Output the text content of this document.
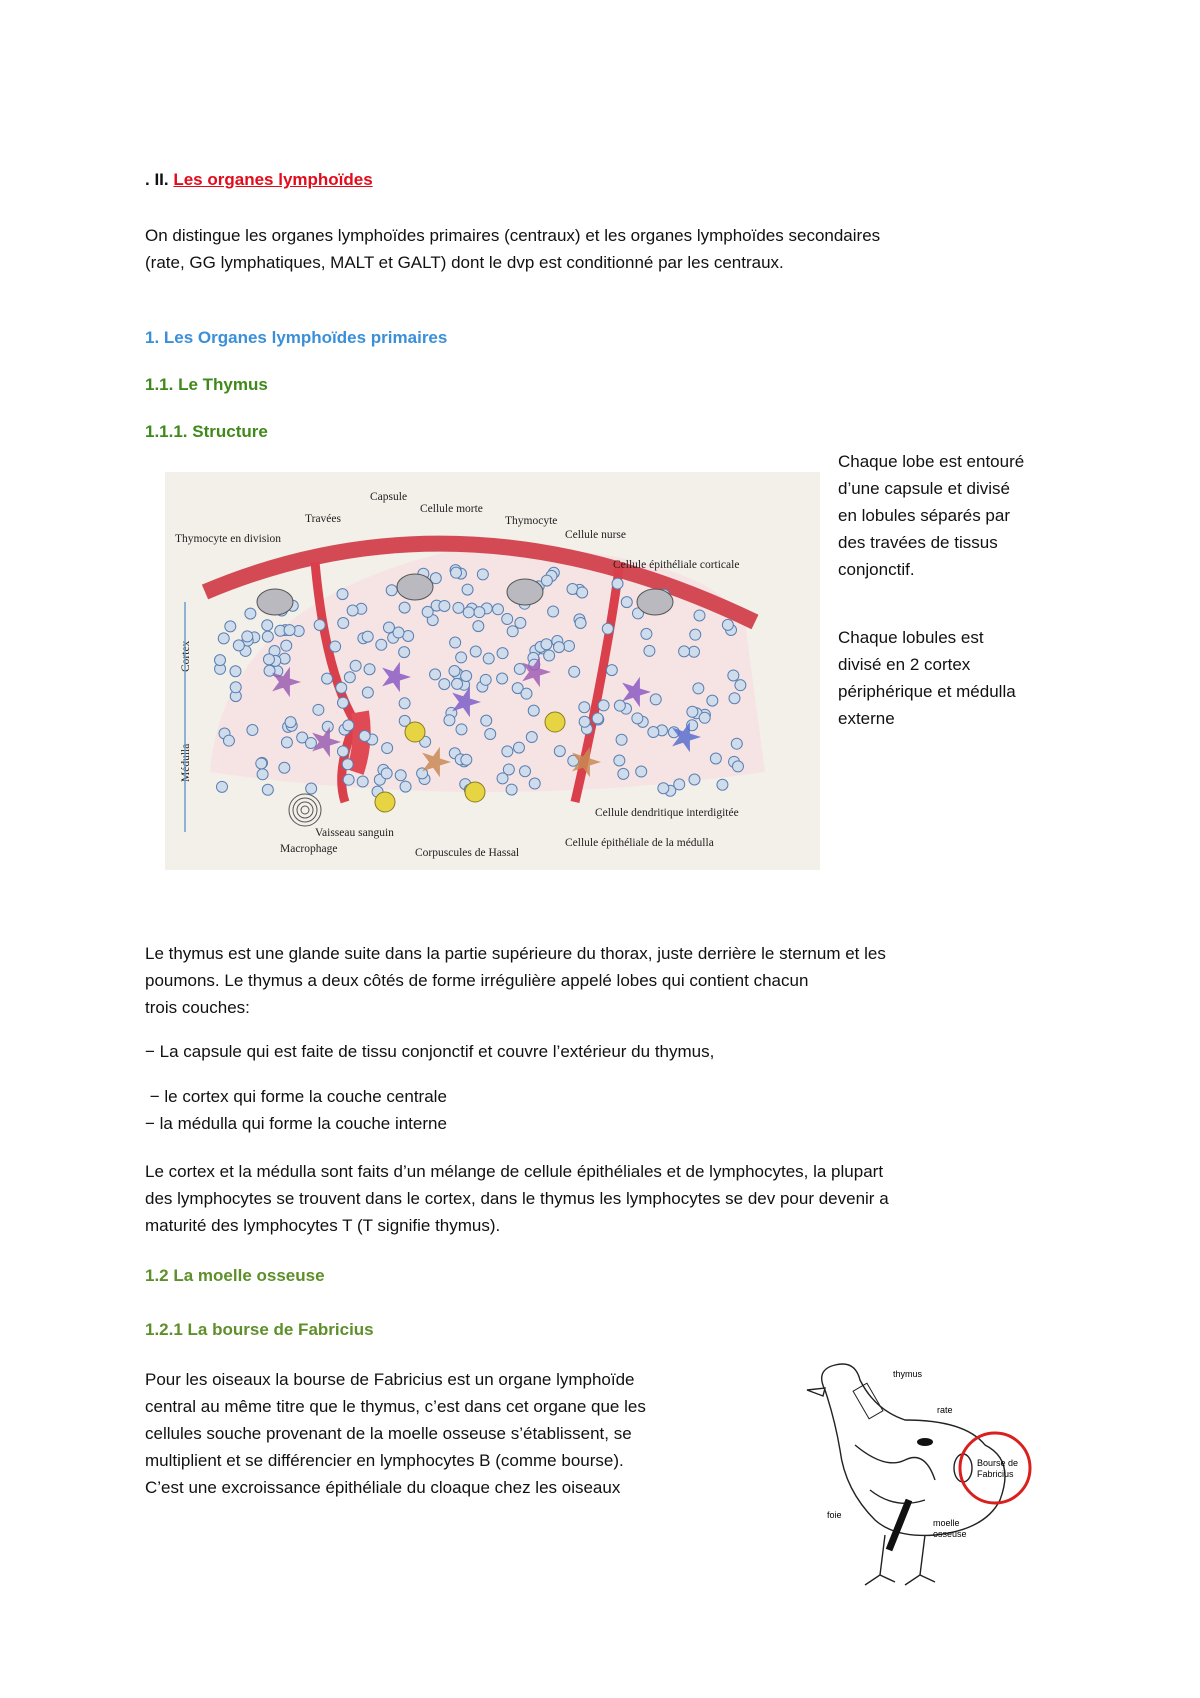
. II. Les organes lymphoïdes

On distingue les organes lymphoïdes primaires (centraux) et les organes lymphoïdes secondaires

(rate, GG lymphatiques, MALT et GALT) dont le dvp est conditionné par les centraux.

1. Les Organes lymphoïdes primaires

1.1. Le Thymus

1.1.1. Structure

Capsule
Cellule morte
Travées	Thymocyte
Thymocyte en division	Cellule nurse
Cellule épithéliale corticale
Cortex
Médulla
Cellule dendritique interdigitée
Vaisseau sanguin
Macrophage	Corpuscules de Hassal
Cellule épithéliale de la médulla

Chaque lobe est entouré

d’une capsule et divisé

en lobules séparés par

des travées de tissus

conjonctif.

Chaque lobules est

divisé en 2 cortex

périphérique et médulla

externe

Le thymus est une glande suite dans la partie supérieure du thorax, juste derrière le sternum et les

poumons. Le thymus a deux côtés de forme irrégulière appelé lobes qui contient chacun

trois couches:

− La capsule qui est faite de tissu conjonctif et couvre l’extérieur du thymus,

− le cortex qui forme la couche centrale

− la médulla qui forme la couche interne

Le cortex et la médulla sont faits d’un mélange de cellule épithéliales et de lymphocytes, la plupart

des lymphocytes se trouvent dans le cortex, dans le thymus les lymphocytes se dev pour devenir a

maturité des lymphocytes T (T signifie thymus).

1.2 La moelle osseuse

1.2.1 La bourse de Fabricius

Pour les oiseaux la bourse de Fabricius est un organe lymphoïde

central au même titre que le thymus, c’est dans cet organe que les

cellules souche provenant de la moelle osseuse s’établissent, se

multiplient et se différencier en lymphocytes B (comme bourse).

C’est une excroissance épithéliale du cloaque chez les oiseaux

thymus
rate
Bourse de
Fabricius
foie
moelle
osseuse
